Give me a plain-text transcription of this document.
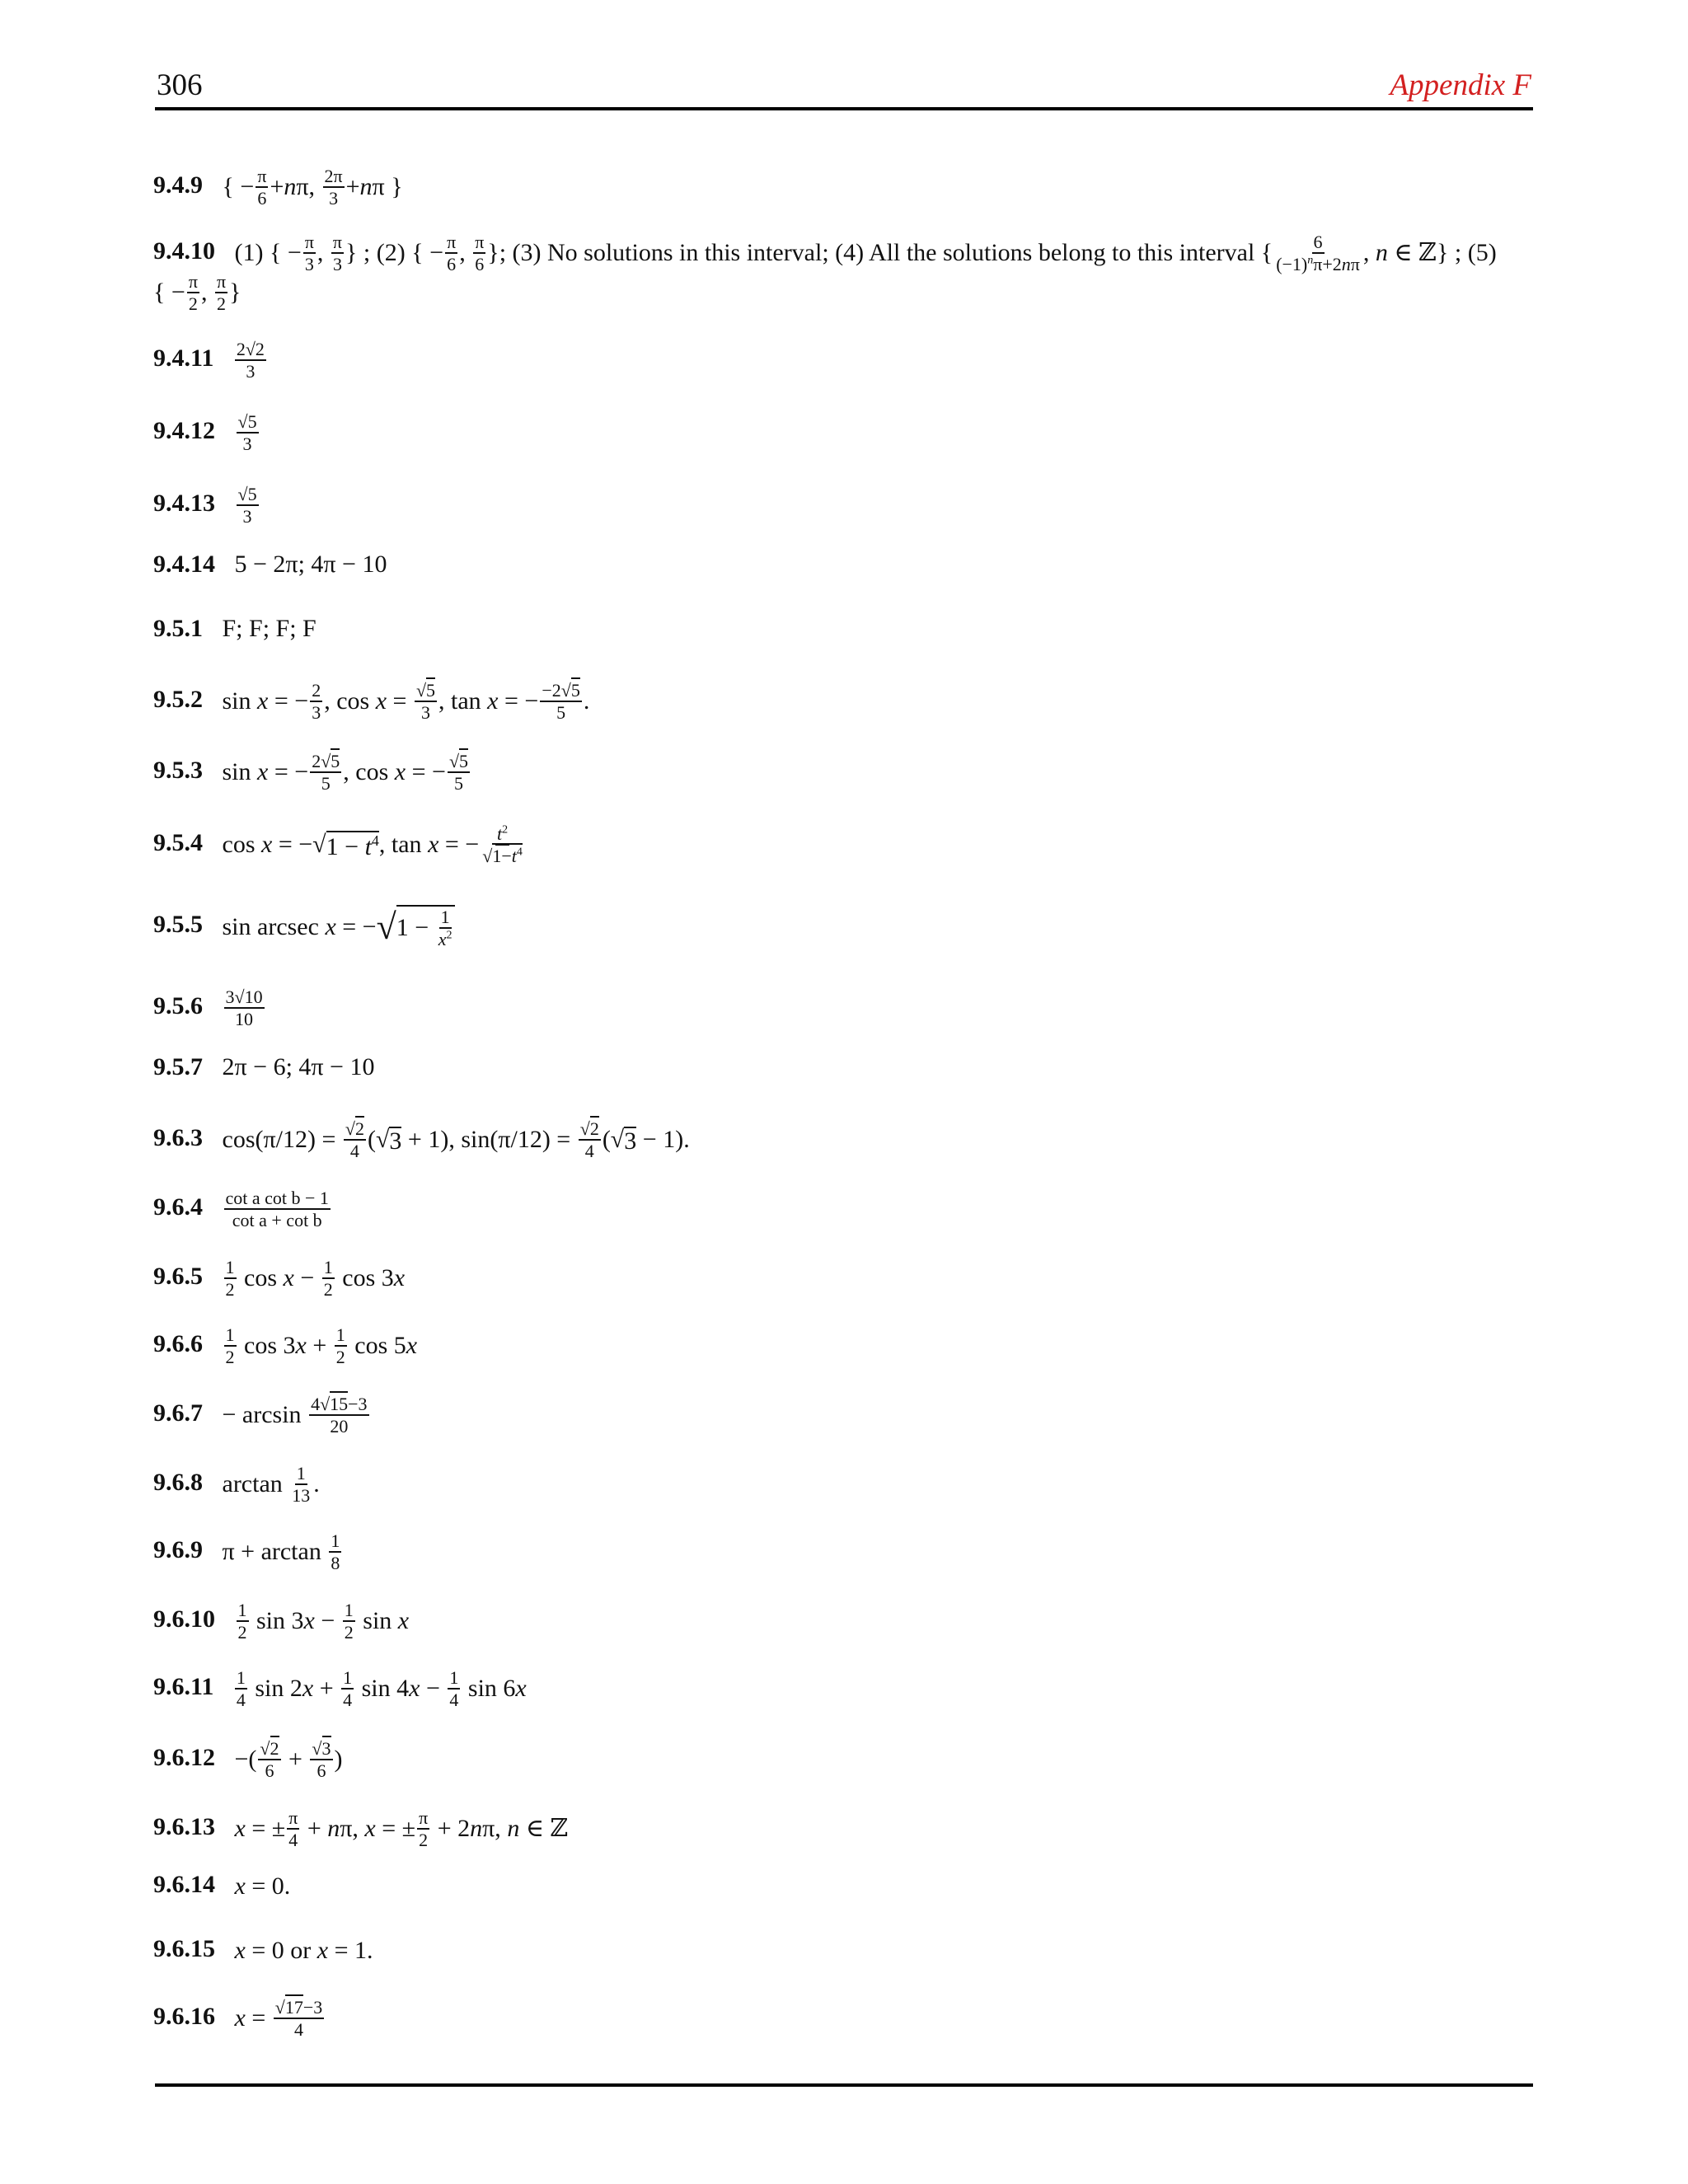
306	Appendix F
9.4.9 { − $\frac{\pi}{6} + n$ π, $\frac{2\pi}{3} + n$ π }
9.4.10 (1) { − $\frac{\pi}{3}$ , $\frac{\pi}{3}$ } ; (2) { − $\frac{\pi}{6}$ , $\frac{\pi}{6}$ }; (3) No solutions in this interval; (4) All the solutions belong to this interval { $\frac{6}{(-1)^n\pi+2n\pi}$ , n ∈ ℤ} ; (5)
{ − $\frac{\pi}{2}$ , $\frac{\pi}{2}$ }
$9.4.11 \frac{2√2}{3}$
$9.4.12 \frac{√5}{3}$
$9.4.13 \frac{√5}{3}$
9.4.14 5 − 2π; 4π − 10
9.5.1 F; F; F; F
9.5.2 sin x = − $\frac{2}{3}$ , $\cos x = \frac{√5}{3}$ , tan x = − $\frac{-2√5}{5}$ .
9.5.3 sin x = − $\frac{2√5}{5}$ , cos x = − $\frac{√5}{5}$
9.5.4 cos x = −√ $1 - t^4$ , tan x = − $\frac{t^2}{√1-t^4}$
9.5.5 sin arcsec x = − √ $1 - \frac{1}{x^2}$
$9.5.6 \frac{3√10}{10}$
9.5.7 2π − 6; 4π − 10
9.6.3 $\cos(\pi/12) = \frac{√2}{4}$ (√ 3 + 1), $\sin(\pi/12) = \frac{√2}{4}$ (√ 3 − 1).
$9.6.4 \frac{\text{cot a cot b − 1}}{\text{cot a + cot b}}$
$9.6.5 \frac{1}{2}$ $\cos x - \frac{1}{2}$ cos 3 x
$9.6.6 \frac{1}{2}$ cos 3 $x + \frac{1}{2}$ cos 5 x
$9.6.7 - \arcsin \frac{4√15-3}{20}$
9.6.8 $\arctan \frac{1}{13}$ .
9.6.9 $\pi + \arctan \frac{1}{8}$
$9.6.10 \frac{1}{2}$ sin 3 $x - \frac{1}{2}$ sin x
$9.6.11 \frac{1}{4}$ sin 2 $x + \frac{1}{4}$ sin 4 $x - \frac{1}{4}$ sin 6 x
9.6.12 −( $\frac{√2}{6} + \frac{√3}{6}$ )
9.6.13 x = ± $\frac{\pi}{4} + n$ π, x = ± $\frac{\pi}{2} + 2$ n π, n ∈ ℤ
9.6.14 x = 0.
9.6.15 x = 0 or x = 1.
9.6.16 $x = \frac{√17-3}{4}$
